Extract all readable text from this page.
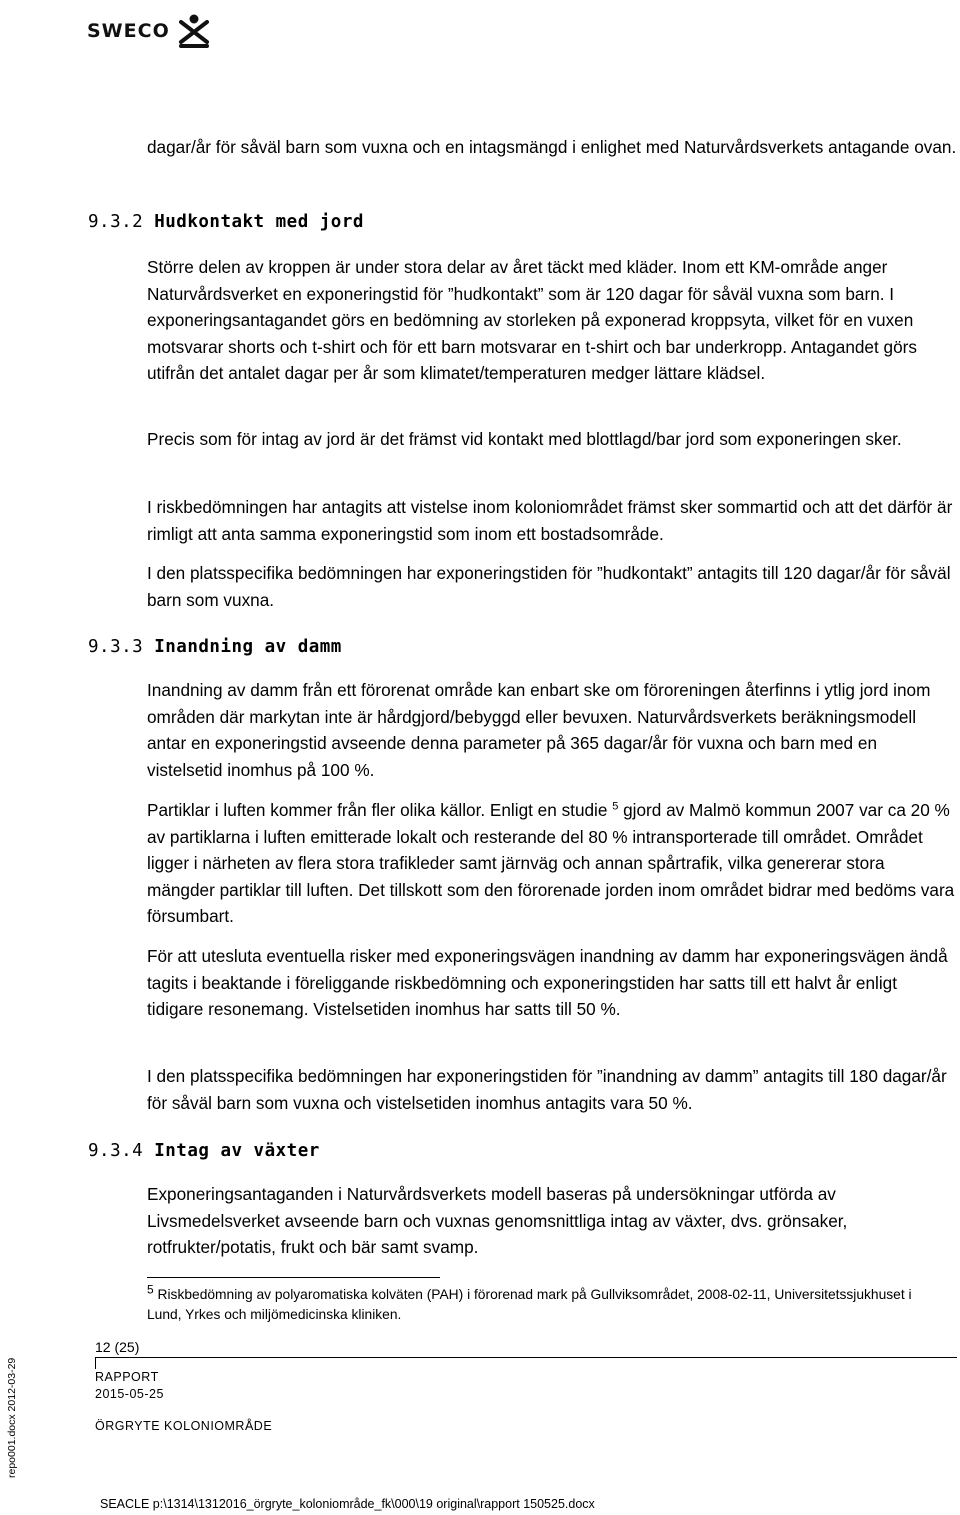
SWECO

dagar/år för såväl barn som vuxna och en intagsmängd i enlighet med Naturvårdsverkets antagande ovan.

9.3.2 Hudkontakt med jord

Större delen av kroppen är under stora delar av året täckt med kläder. Inom ett KM-område anger Naturvårdsverket en exponeringstid för ”hudkontakt” som är 120 dagar för såväl vuxna som barn. I exponeringsantagandet görs en bedömning av storleken på exponerad kroppsyta, vilket för en vuxen motsvarar shorts och t-shirt och för ett barn motsvarar en t-shirt och bar underkropp. Antagandet görs utifrån det antalet dagar per år som klimatet/temperaturen medger lättare klädsel.

Precis som för intag av jord är det främst vid kontakt med blottlagd/bar jord som exponeringen sker.

I riskbedömningen har antagits att vistelse inom koloniområdet främst sker sommartid och att det därför är rimligt att anta samma exponeringstid som inom ett bostadsområde.

I den platsspecifika bedömningen har exponeringstiden för ”hudkontakt” antagits till 120 dagar/år för såväl barn som vuxna.

9.3.3 Inandning av damm

Inandning av damm från ett förorenat område kan enbart ske om föroreningen återfinns i ytlig jord inom områden där markytan inte är hårdgjord/bebyggd eller bevuxen. Naturvårdsverkets beräkningsmodell antar en exponeringstid avseende denna parameter på 365 dagar/år för vuxna och barn med en vistelsetid inomhus på 100 %.

Partiklar i luften kommer från fler olika källor. Enligt en studie $^5$ gjord av Malmö kommun 2007 var ca 20 % av partiklarna i luften emitterade lokalt och resterande del 80 % intransporterade till området. Området ligger i närheten av flera stora trafikleder samt järnväg och annan spårtrafik, vilka genererar stora mängder partiklar till luften. Det tillskott som den förorenade jorden inom området bidrar med bedöms vara försumbart.

För att utesluta eventuella risker med exponeringsvägen inandning av damm har exponeringsvägen ändå tagits i beaktande i föreliggande riskbedömning och exponeringstiden har satts till ett halvt år enligt tidigare resonemang. Vistelsetiden inomhus har satts till 50 %.

I den platsspecifika bedömningen har exponeringstiden för ”inandning av damm” antagits till 180 dagar/år för såväl barn som vuxna och vistelsetiden inomhus antagits vara 50 %.

9.3.4 Intag av växter

Exponeringsantaganden i Naturvårdsverkets modell baseras på undersökningar utförda av Livsmedelsverket avseende barn och vuxnas genomsnittliga intag av växter, dvs. grönsaker, rotfrukter/potatis, frukt och bär samt svamp.

$^5$ Riskbedömning av polyaromatiska kolväten (PAH) i förorenad mark på Gullviksområdet, 2008-02-11, Universitetssjukhuset i Lund, Yrkes och miljömedicinska kliniken.
12 (25)
RAPPORT
2015-05-25
ÖRGRYTE KOLONIOMRÅDE
repo001.docx 2012-03-29
SEACLE p:\1314\1312016_örgryte_koloniområde_fk\000\19 original\rapport 150525.docx
